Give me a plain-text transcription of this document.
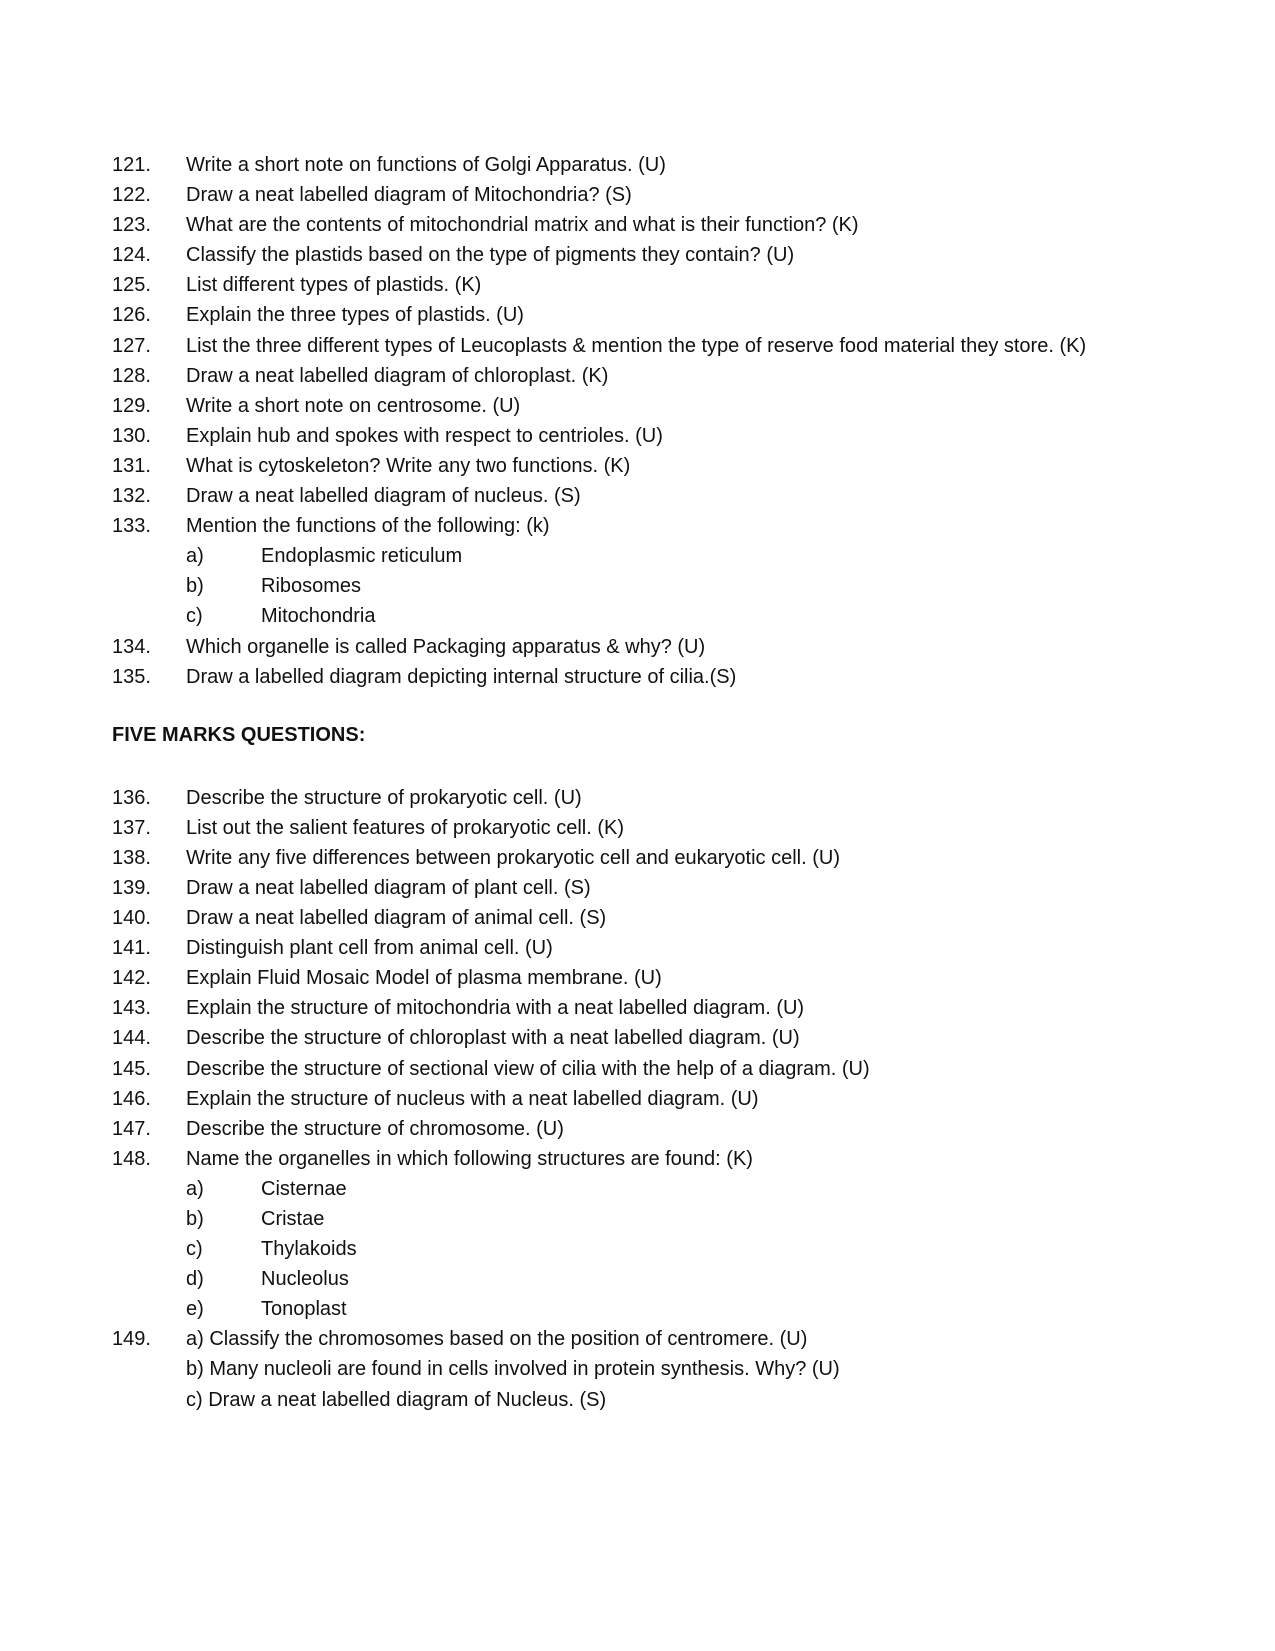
121.	Write a short note on functions of Golgi Apparatus. (U)
122.	Draw a neat labelled diagram of Mitochondria? (S)
123.	What are the contents of mitochondrial matrix and what is their function? (K)
124.	Classify the plastids based on the type of pigments they contain? (U)
125.	List different types of plastids. (K)
126.	Explain the three types of plastids. (U)
127.	List the three different types of Leucoplasts & mention the type of reserve food material they store. (K)
128.	Draw a neat labelled diagram of chloroplast. (K)
129.	Write a short note on centrosome. (U)
130.	Explain hub and spokes with respect to centrioles. (U)
131.	What is cytoskeleton? Write any two functions. (K)
132.	Draw a neat labelled diagram of nucleus. (S)
133.	Mention the functions of the following: (k)
a)	Endoplasmic reticulum
b)	Ribosomes
c)	Mitochondria
134.	Which organelle is called Packaging apparatus & why? (U)
135.	Draw a labelled diagram depicting internal structure of cilia.(S)
FIVE MARKS QUESTIONS:
136.	Describe the structure of prokaryotic cell. (U)
137.	List out the salient features of prokaryotic cell. (K)
138.	Write any five differences between prokaryotic cell and eukaryotic cell. (U)
139.	Draw a neat labelled diagram of plant cell. (S)
140.	Draw a neat labelled diagram of animal cell. (S)
141.	Distinguish plant cell from animal cell. (U)
142.	Explain Fluid Mosaic Model of plasma membrane. (U)
143.	Explain the structure of mitochondria with a neat labelled diagram. (U)
144.	Describe the structure of chloroplast with a neat labelled diagram. (U)
145.	Describe the structure of sectional view of cilia with the help of a diagram. (U)
146.	Explain the structure of nucleus with a neat labelled diagram. (U)
147.	Describe the structure of chromosome. (U)
148.	Name the organelles in which following structures are found: (K)
a)	Cisternae
b)	Cristae
c)	Thylakoids
d)	Nucleolus
e)	Tonoplast
149.	a) Classify the chromosomes based on the position of centromere. (U)
b) Many nucleoli are found in cells involved in protein synthesis. Why? (U)
c) Draw a neat labelled diagram of Nucleus. (S)
